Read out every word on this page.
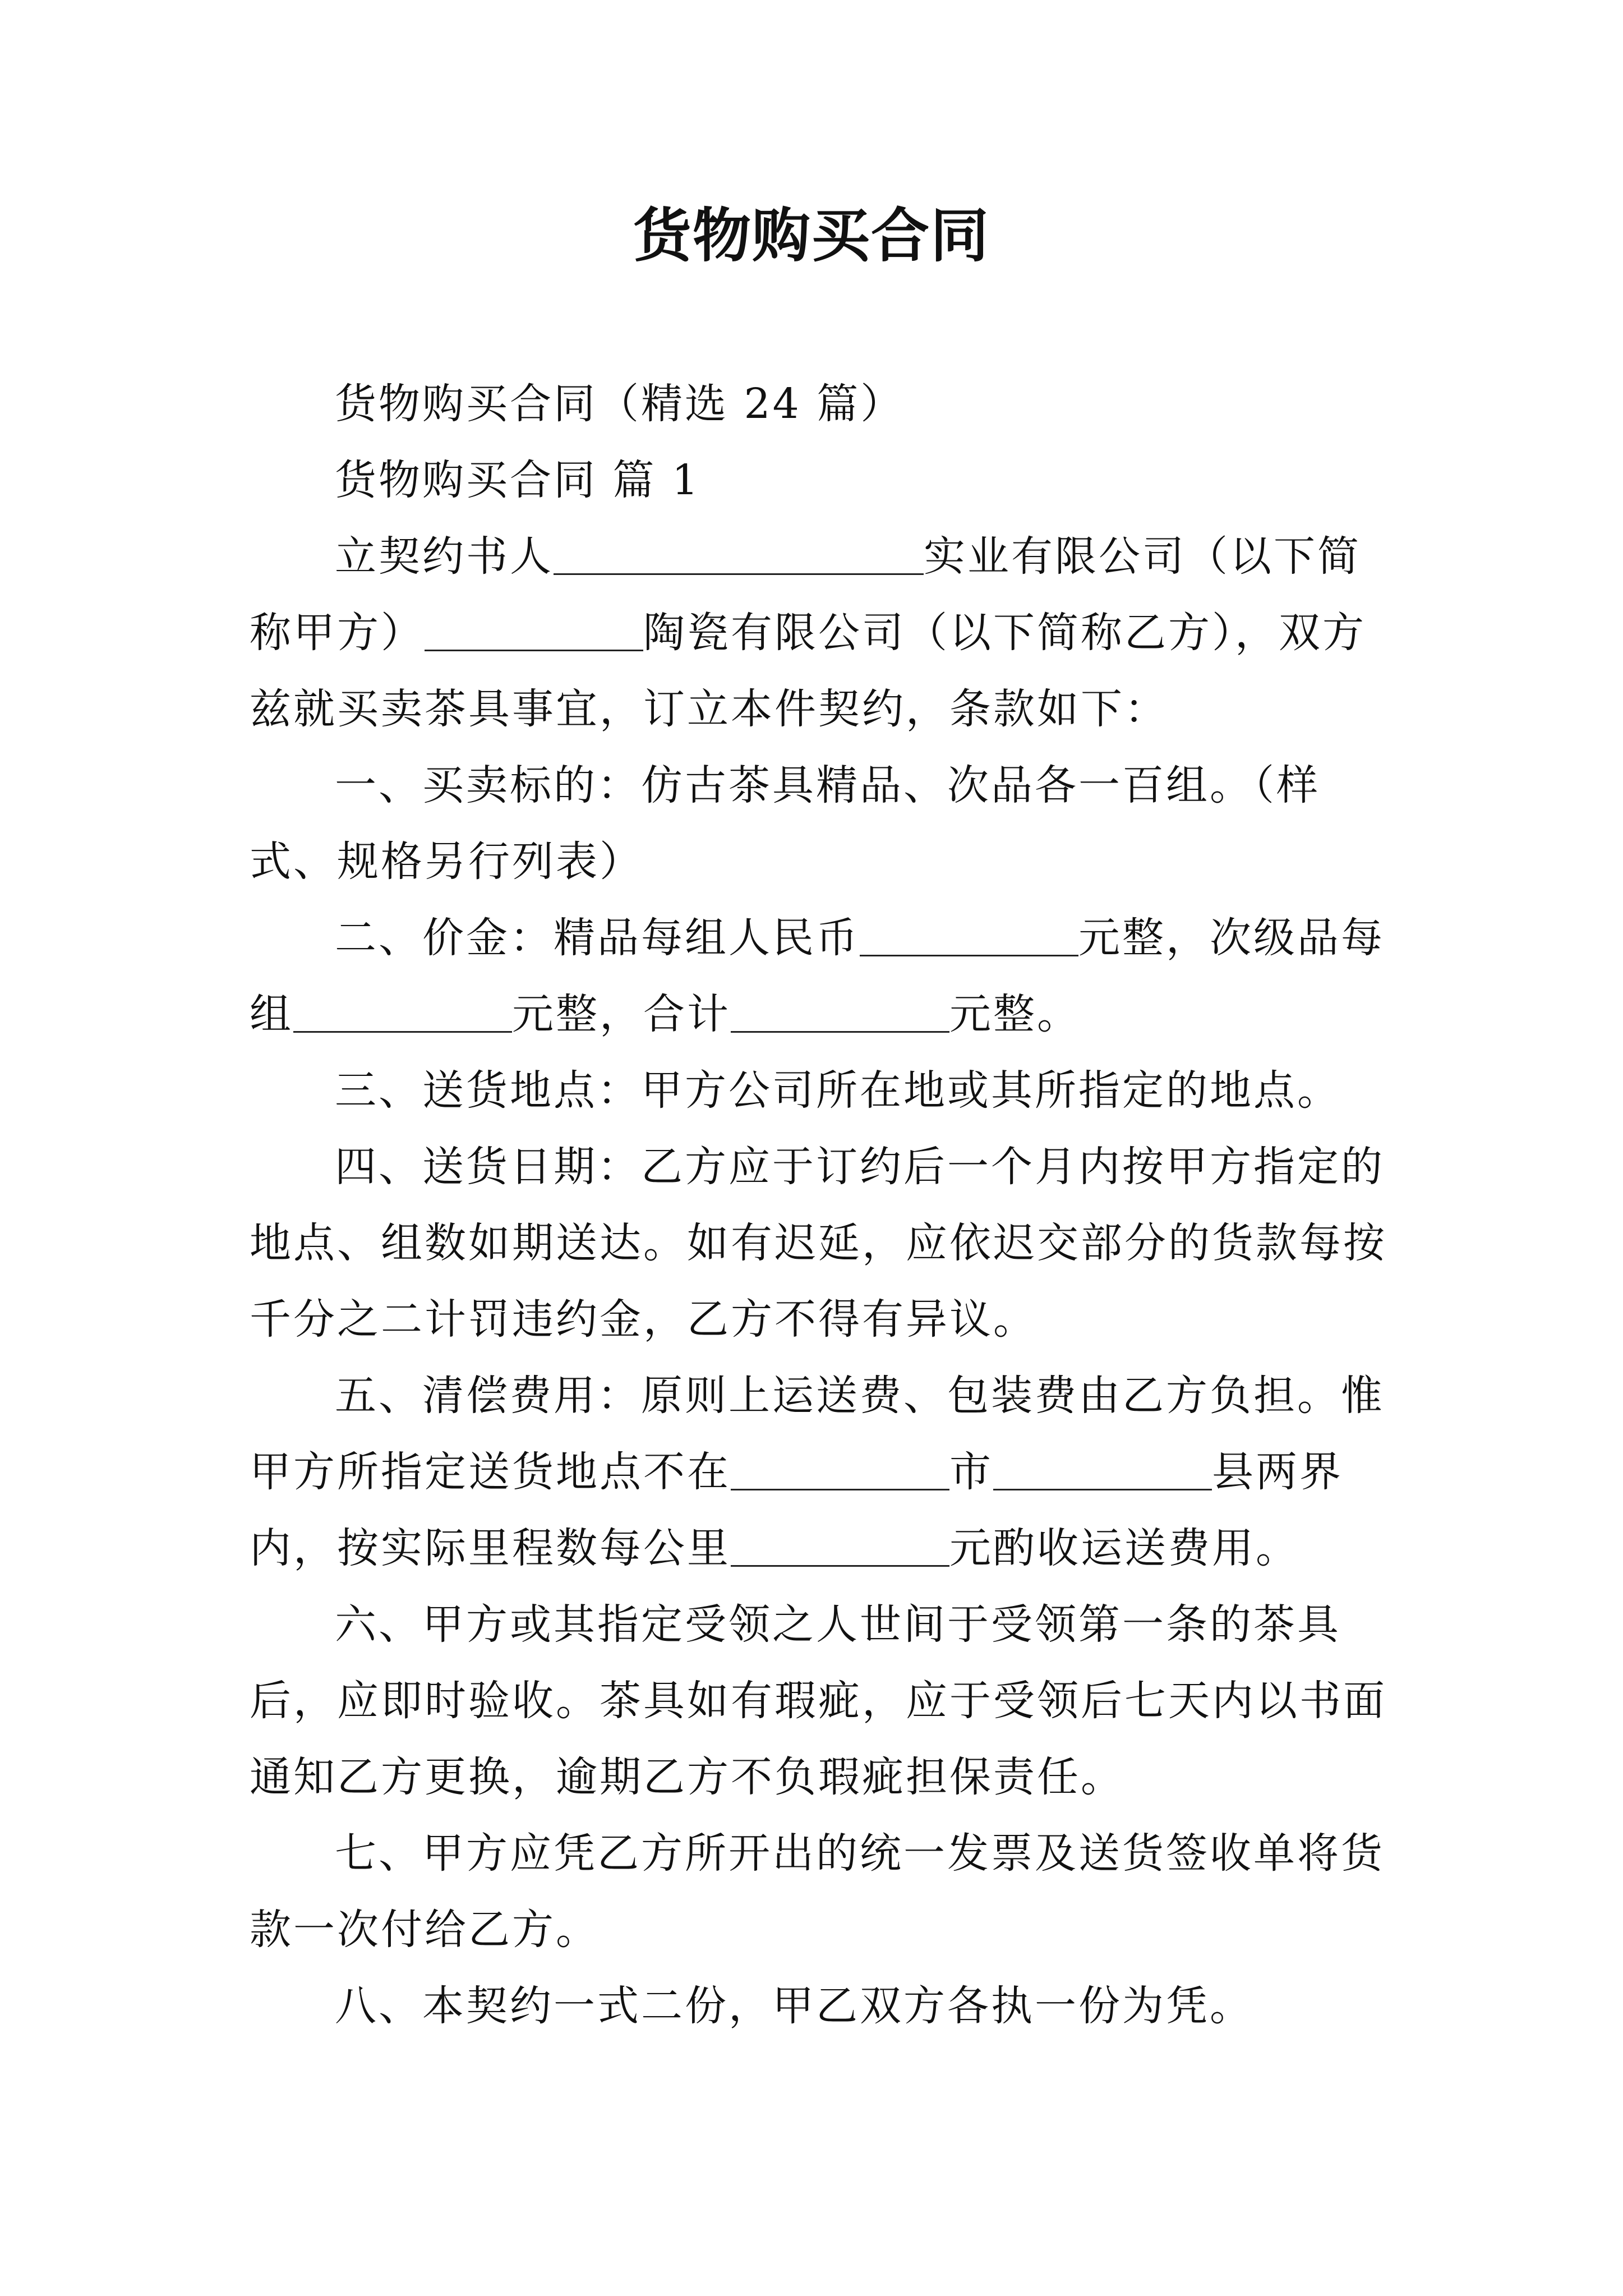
货物购买合同

货物购买合同（精选 24 篇）

货物购买合同 篇 1

立契约书人	实业有限公司（以下简称甲方）	陶瓷有限公司（以下简称乙方），双方兹就买卖茶具事宜，订立本件契约，条款如下：

一、买卖标的：仿古茶具精品、次品各一百组。（样式、规格另行列表）

二、价金：精品每组人民币	元整，次级品每组	元整，合计	元整。

三、送货地点：甲方公司所在地或其所指定的地点。

四、送货日期：乙方应于订约后一个月内按甲方指定的地点、组数如期送达。如有迟延，应依迟交部分的货款每按千分之二计罚违约金，乙方不得有异议。

五、清偿费用：原则上运送费、包装费由乙方负担。惟甲方所指定送货地点不在	市	县两界内，按实际里程数每公里	元酌收运送费用。

六、甲方或其指定受领之人世间于受领第一条的茶具后，应即时验收。茶具如有瑕疵，应于受领后七天内以书面通知乙方更换，逾期乙方不负瑕疵担保责任。

七、甲方应凭乙方所开出的统一发票及送货签收单将货款一次付给乙方。

八、本契约一式二份，甲乙双方各执一份为凭。
